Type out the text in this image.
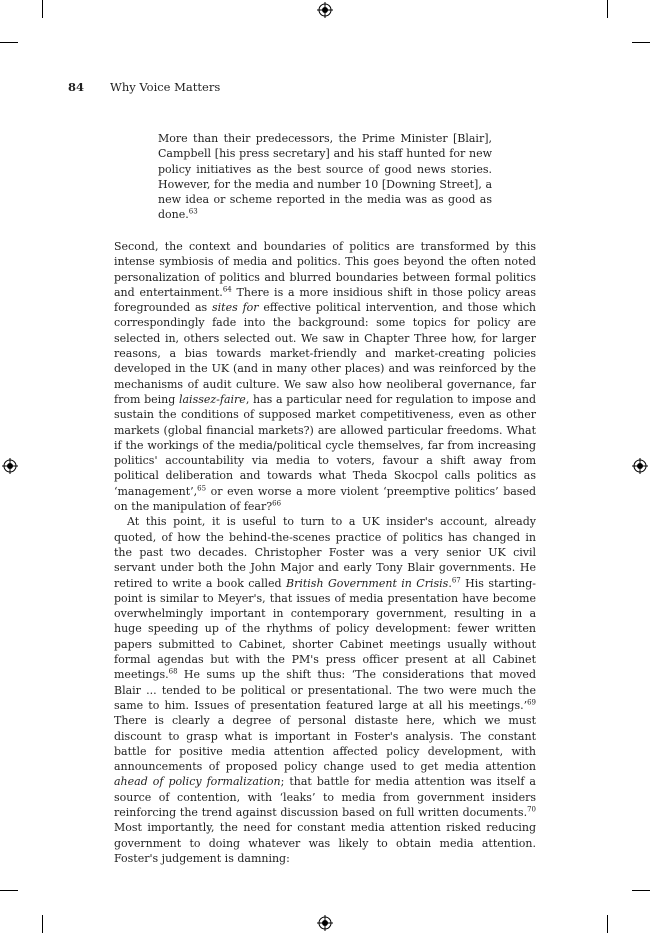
84 Why Voice Matters

More than their predecessors, the Prime Minister [Blair], Campbell [his press secretary] and his staff hunted for new policy initiatives as the best source of good news stories. However, for the media and number 10 [Downing Street], a new idea or scheme reported in the media was as good as done.$^{63}$

Second, the context and boundaries of politics are transformed by this intense symbiosis of media and politics. This goes beyond the often noted personalization of politics and blurred boundaries between formal politics and entertainment.$^{64}$ There is a more insidious shift in those policy areas foregrounded as sites for effective political intervention, and those which correspondingly fade into the background: some topics for policy are selected in, others selected out. We saw in Chapter Three how, for larger reasons, a bias towards market-friendly and market-creating policies developed in the UK (and in many other places) and was reinforced by the mechanisms of audit culture. We saw also how neoliberal governance, far from being laissez-faire, has a particular need for regulation to impose and sustain the conditions of supposed market competitiveness, even as other markets (global financial markets?) are allowed particular freedoms. What if the workings of the media/political cycle themselves, far from increasing politics' accountability via media to voters, favour a shift away from political deliberation and towards what Theda Skocpol calls politics as ‘management’,$^{65}$ or even worse a more violent ‘preemptive politics’ based on the manipulation of fear?$^{66}$

At this point, it is useful to turn to a UK insider's account, already quoted, of how the behind-the-scenes practice of politics has changed in the past two decades. Christopher Foster was a very senior UK civil servant under both the John Major and early Tony Blair governments. He retired to write a book called British Government in Crisis.$^{67}$ His starting-point is similar to Meyer's, that issues of media presentation have become overwhelmingly important in contemporary government, resulting in a huge speeding up of the rhythms of policy development: fewer written papers submitted to Cabinet, shorter Cabinet meetings usually without formal agendas but with the PM's press officer present at all Cabinet meetings.$^{68}$ He sums up the shift thus: ‘The considerations that moved Blair ... tended to be political or presentational. The two were much the same to him. Issues of presentation featured large at all his meetings.’$^{69}$ There is clearly a degree of personal distaste here, which we must discount to grasp what is important in Foster's analysis. The constant battle for positive media attention affected policy development, with announcements of proposed policy change used to get media attention ahead of policy formalization; that battle for media attention was itself a source of contention, with ‘leaks’ to media from government insiders reinforcing the trend against discussion based on full written documents.$^{70}$ Most importantly, the need for constant media attention risked reducing government to doing whatever was likely to obtain media attention. Foster's judgement is damning:
